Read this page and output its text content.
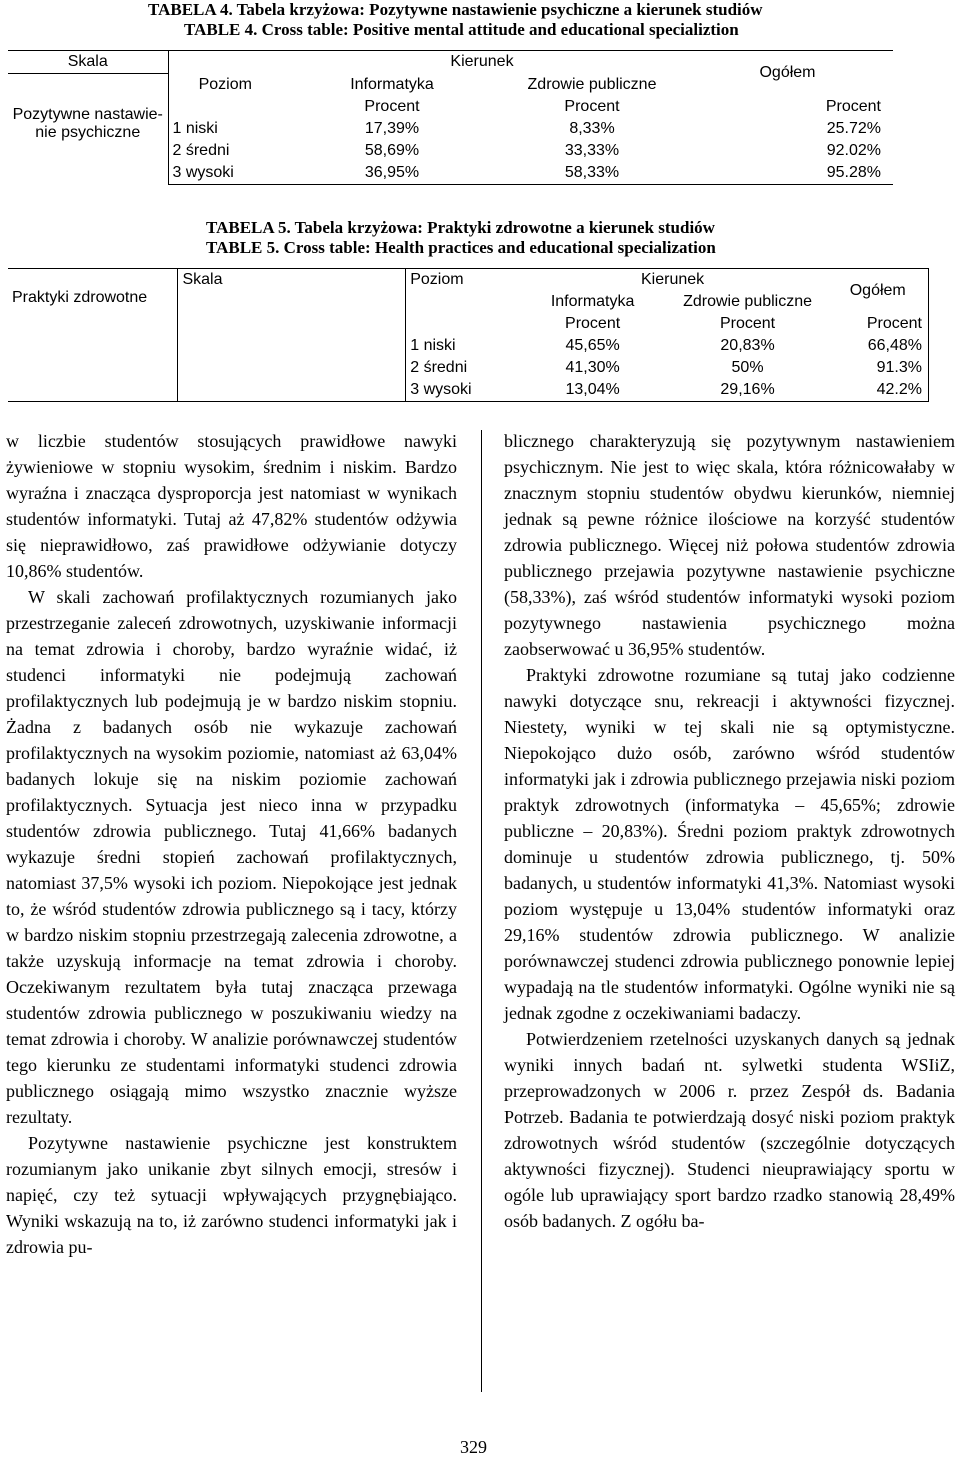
TABELA 4. Tabela krzyżowa: Pozytywne nastawienie psychiczne a kierunek studiów
TABLE 4. Cross table: Positive mental attitude and educational specializtion
Skala		Kierunek		Ogółem
	Poziom	Informatyka	Zdrowie publiczne	
Pozytywne nastawie-nie psychiczne		Procent	Procent	Procent
	1 niski	17,39%	8,33%	25.72%
	2 średni	58,69%	33,33%	92.02%
	3 wysoki	36,95%	58,33%	95.28%

TABELA 5. Tabela krzyżowa: Praktyki zdrowotne a kierunek studiów
TABLE 5. Cross table: Health practices and educational specialization
Praktyki zdrowotne	Skala	Poziom	Kierunek		Ogółem
			Informatyka	Zdrowie publiczne	
			Procent	Procent	Procent
		1 niski	45,65%	20,83%	66,48%
		2 średni	41,30%	50%	91.3%
		3 wysoki	13,04%	29,16%	42.2%

w liczbie studentów stosujących prawidłowe nawyki żywieniowe w stopniu wysokim, średnim i niskim. Bardzo wyraźna i znacząca dysproporcja jest natomiast w wynikach studentów informatyki. Tutaj aż 47,82% studentów odżywia się nieprawidłowo, zaś prawidłowe odżywianie dotyczy 10,86% studentów.

W skali zachowań profilaktycznych rozumianych jako przestrzeganie zaleceń zdrowotnych, uzyskiwanie informacji na temat zdrowia i choroby, bardzo wyraźnie widać, iż studenci informatyki nie podejmują zachowań profilaktycznych lub podejmują je w bardzo niskim stopniu. Żadna z badanych osób nie wykazuje zachowań profilaktycznych na wysokim poziomie, natomiast aż 63,04% badanych lokuje się na niskim poziomie zachowań profilaktycznych. Sytuacja jest nieco inna w przypadku studentów zdrowia publicznego. Tutaj 41,66% badanych wykazuje średni stopień zachowań profilaktycznych, natomiast 37,5% wysoki ich poziom. Niepokojące jest jednak to, że wśród studentów zdrowia publicznego są i tacy, którzy w bardzo niskim stopniu przestrzegają zalecenia zdrowotne, a także uzyskują informacje na temat zdrowia i choroby. Oczekiwanym rezultatem była tutaj znacząca przewaga studentów zdrowia publicznego w poszukiwaniu wiedzy na temat zdrowia i choroby. W analizie porównawczej studentów tego kierunku ze studentami informatyki studenci zdrowia publicznego osiągają mimo wszystko znacznie wyższe rezultaty.

Pozytywne nastawienie psychiczne jest konstruktem rozumianym jako unikanie zbyt silnych emocji, stresów i napięć, czy też sytuacji wpływających przygnębiająco. Wyniki wskazują na to, iż zarówno studenci informatyki jak i zdrowia pu-

blicznego charakteryzują się pozytywnym nastawieniem psychicznym. Nie jest to więc skala, która różnicowałaby w znacznym stopniu studentów obydwu kierunków, niemniej jednak są pewne różnice ilościowe na korzyść studentów zdrowia publicznego. Więcej niż połowa studentów zdrowia publicznego przejawia pozytywne nastawienie psychiczne (58,33%), zaś wśród studentów informatyki wysoki poziom pozytywnego nastawienia psychicznego można zaobserwować u 36,95% studentów.

Praktyki zdrowotne rozumiane są tutaj jako codzienne nawyki dotyczące snu, rekreacji i aktywności fizycznej. Niestety, wyniki w tej skali nie są optymistyczne. Niepokojąco dużo osób, zarówno wśród studentów informatyki jak i zdrowia publicznego przejawia niski poziom praktyk zdrowotnych (informatyka – 45,65%; zdrowie publiczne – 20,83%). Średni poziom praktyk zdrowotnych dominuje u studentów zdrowia publicznego, tj. 50% badanych, u studentów informatyki 41,3%. Natomiast wysoki poziom występuje u 13,04% studentów informatyki oraz 29,16% studentów zdrowia publicznego. W analizie porównawczej studenci zdrowia publicznego ponownie lepiej wypadają na tle studentów informatyki. Ogólne wyniki nie są jednak zgodne z oczekiwaniami badaczy.

Potwierdzeniem rzetelności uzyskanych danych są jednak wyniki innych badań nt. sylwetki studenta WSIiZ, przeprowadzonych w 2006 r. przez Zespół ds. Badania Potrzeb. Badania te potwierdzają dosyć niski poziom praktyk zdrowotnych wśród studentów (szczególnie dotyczących aktywności fizycznej). Studenci nieuprawiający sportu w ogóle lub uprawiający sport bardzo rzadko stanowią 28,49% osób badanych. Z ogółu ba-

329
